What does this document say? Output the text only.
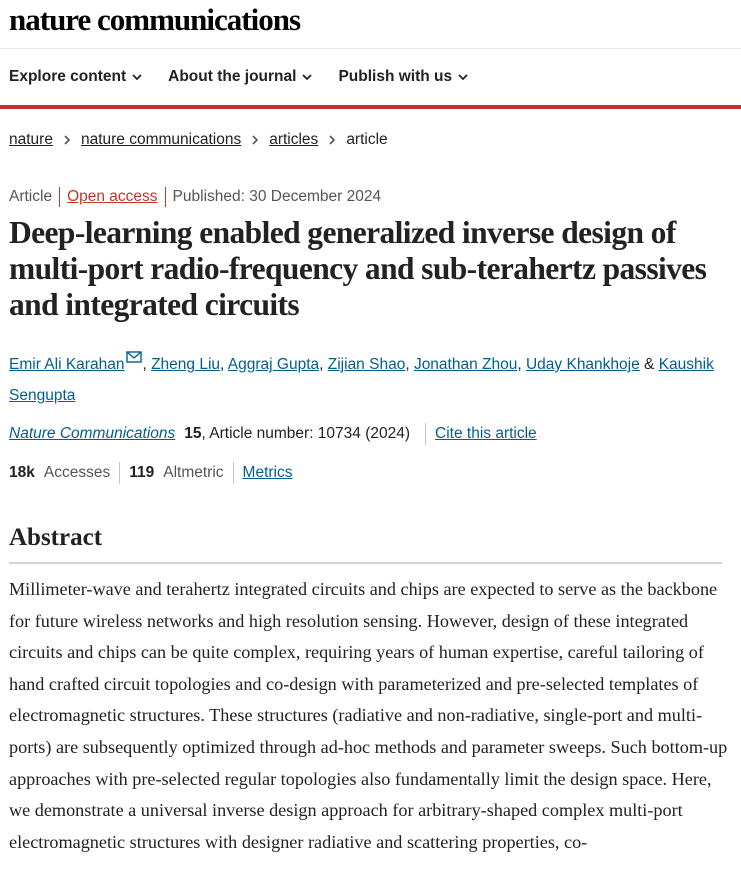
nature communications
Explore content	About the journal	Publish with us
nature nature communications articles article
Article Open access Published: 30 December 2024
Deep-learning enabled generalized inverse design of multi-port radio-frequency and sub-terahertz passives and integrated circuits
Emir Ali Karahan , Zheng Liu, Aggraj Gupta, Zijian Shao, Jonathan Zhou, Uday Khankhoje & Kaushik Sengupta
Nature Communications 15 , Article number: 10734 (2024) Cite this article
18k Accesses 119 Altmetric Metrics
Abstract
Millimeter-wave and terahertz integrated circuits and chips are expected to serve as the backbone for future wireless networks and high resolution sensing. However, design of these integrated circuits and chips can be quite complex, requiring years of human expertise, careful tailoring of hand crafted circuit topologies and co-design with parameterized and pre-selected templates of electromagnetic structures. These structures (radiative and non-radiative, single-port and multi-ports) are subsequently optimized through ad-hoc methods and parameter sweeps. Such bottom-up approaches with pre-selected regular topologies also fundamentally limit the design space. Here, we demonstrate a universal inverse design approach for arbitrary-shaped complex multi-port electromagnetic structures with designer radiative and scattering properties, co-
